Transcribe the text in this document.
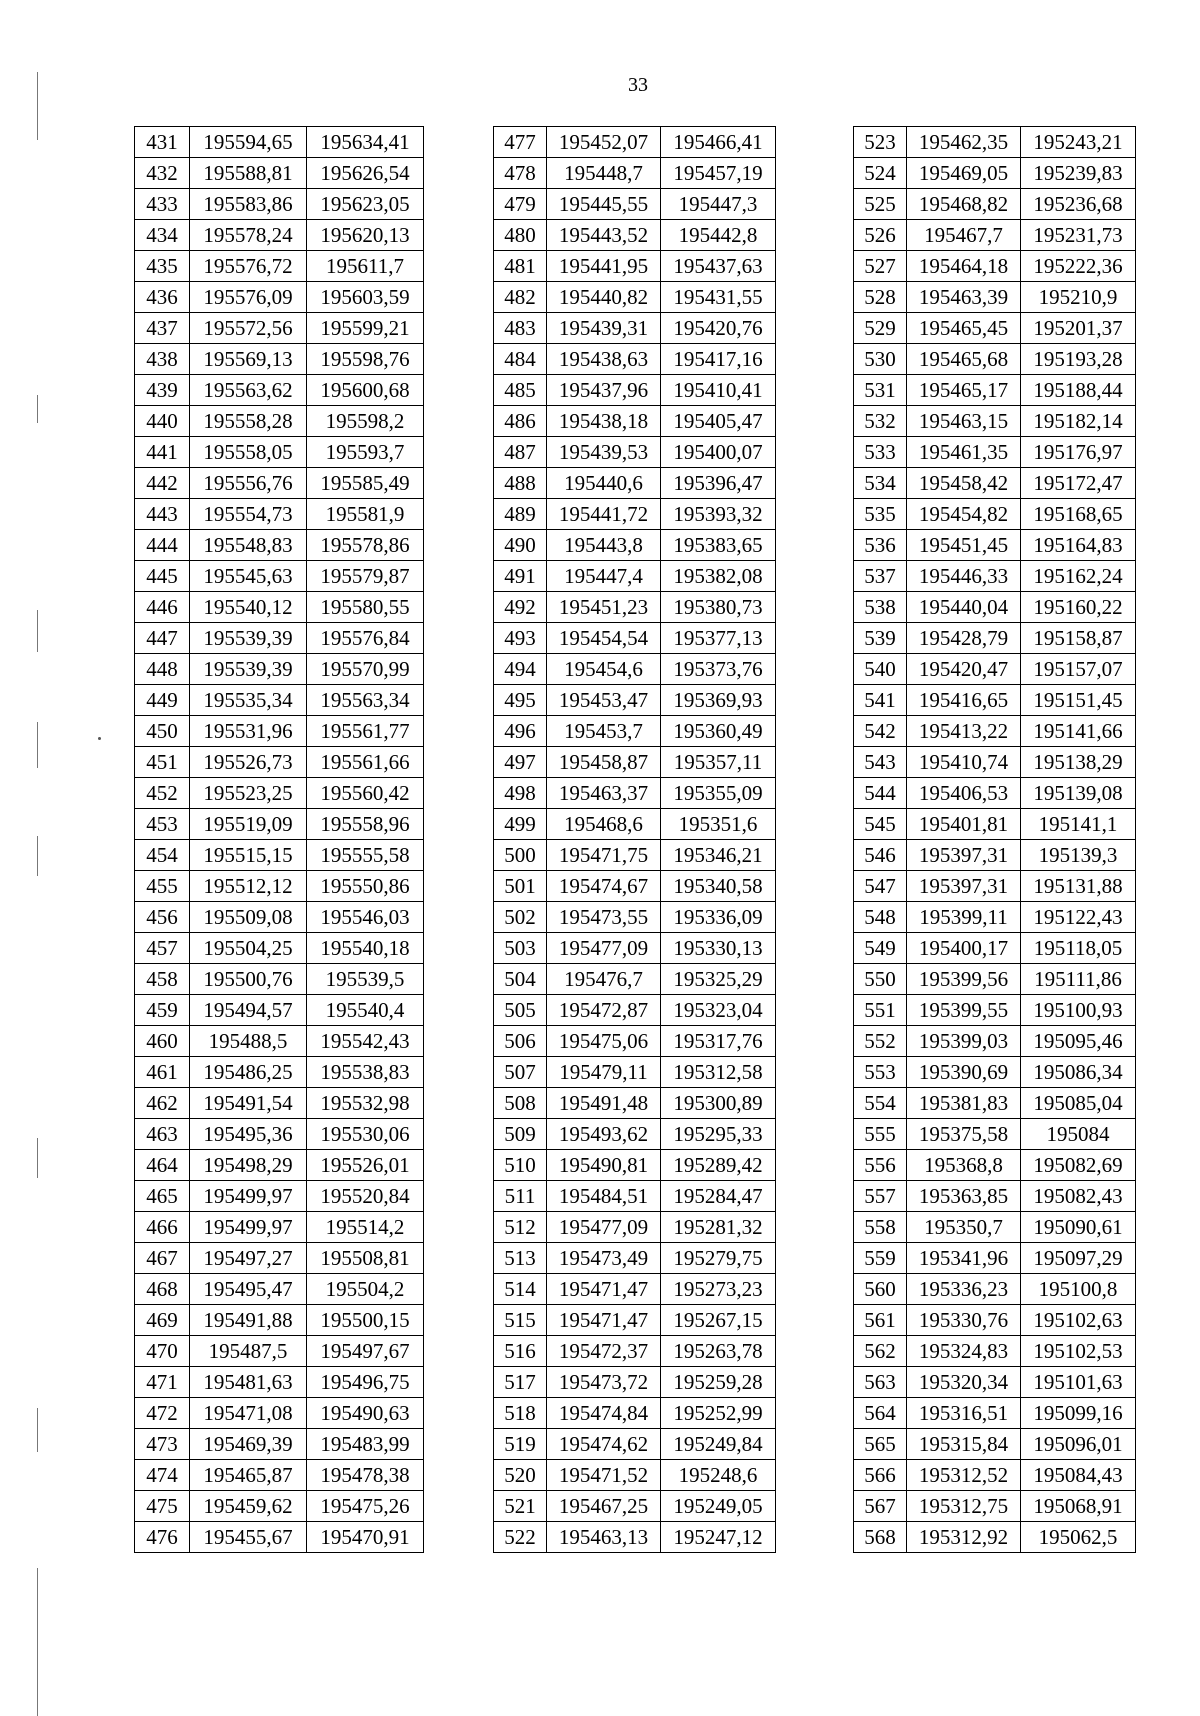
33
431	195594,65	195634,41
432	195588,81	195626,54
433	195583,86	195623,05
434	195578,24	195620,13
435	195576,72	195611,7
436	195576,09	195603,59
437	195572,56	195599,21
438	195569,13	195598,76
439	195563,62	195600,68
440	195558,28	195598,2
441	195558,05	195593,7
442	195556,76	195585,49
443	195554,73	195581,9
444	195548,83	195578,86
445	195545,63	195579,87
446	195540,12	195580,55
447	195539,39	195576,84
448	195539,39	195570,99
449	195535,34	195563,34
450	195531,96	195561,77
451	195526,73	195561,66
452	195523,25	195560,42
453	195519,09	195558,96
454	195515,15	195555,58
455	195512,12	195550,86
456	195509,08	195546,03
457	195504,25	195540,18
458	195500,76	195539,5
459	195494,57	195540,4
460	195488,5	195542,43
461	195486,25	195538,83
462	195491,54	195532,98
463	195495,36	195530,06
464	195498,29	195526,01
465	195499,97	195520,84
466	195499,97	195514,2
467	195497,27	195508,81
468	195495,47	195504,2
469	195491,88	195500,15
470	195487,5	195497,67
471	195481,63	195496,75
472	195471,08	195490,63
473	195469,39	195483,99
474	195465,87	195478,38
475	195459,62	195475,26
476	195455,67	195470,91
477	195452,07	195466,41
478	195448,7	195457,19
479	195445,55	195447,3
480	195443,52	195442,8
481	195441,95	195437,63
482	195440,82	195431,55
483	195439,31	195420,76
484	195438,63	195417,16
485	195437,96	195410,41
486	195438,18	195405,47
487	195439,53	195400,07
488	195440,6	195396,47
489	195441,72	195393,32
490	195443,8	195383,65
491	195447,4	195382,08
492	195451,23	195380,73
493	195454,54	195377,13
494	195454,6	195373,76
495	195453,47	195369,93
496	195453,7	195360,49
497	195458,87	195357,11
498	195463,37	195355,09
499	195468,6	195351,6
500	195471,75	195346,21
501	195474,67	195340,58
502	195473,55	195336,09
503	195477,09	195330,13
504	195476,7	195325,29
505	195472,87	195323,04
506	195475,06	195317,76
507	195479,11	195312,58
508	195491,48	195300,89
509	195493,62	195295,33
510	195490,81	195289,42
511	195484,51	195284,47
512	195477,09	195281,32
513	195473,49	195279,75
514	195471,47	195273,23
515	195471,47	195267,15
516	195472,37	195263,78
517	195473,72	195259,28
518	195474,84	195252,99
519	195474,62	195249,84
520	195471,52	195248,6
521	195467,25	195249,05
522	195463,13	195247,12
523	195462,35	195243,21
524	195469,05	195239,83
525	195468,82	195236,68
526	195467,7	195231,73
527	195464,18	195222,36
528	195463,39	195210,9
529	195465,45	195201,37
530	195465,68	195193,28
531	195465,17	195188,44
532	195463,15	195182,14
533	195461,35	195176,97
534	195458,42	195172,47
535	195454,82	195168,65
536	195451,45	195164,83
537	195446,33	195162,24
538	195440,04	195160,22
539	195428,79	195158,87
540	195420,47	195157,07
541	195416,65	195151,45
542	195413,22	195141,66
543	195410,74	195138,29
544	195406,53	195139,08
545	195401,81	195141,1
546	195397,31	195139,3
547	195397,31	195131,88
548	195399,11	195122,43
549	195400,17	195118,05
550	195399,56	195111,86
551	195399,55	195100,93
552	195399,03	195095,46
553	195390,69	195086,34
554	195381,83	195085,04
555	195375,58	195084
556	195368,8	195082,69
557	195363,85	195082,43
558	195350,7	195090,61
559	195341,96	195097,29
560	195336,23	195100,8
561	195330,76	195102,63
562	195324,83	195102,53
563	195320,34	195101,63
564	195316,51	195099,16
565	195315,84	195096,01
566	195312,52	195084,43
567	195312,75	195068,91
568	195312,92	195062,5
